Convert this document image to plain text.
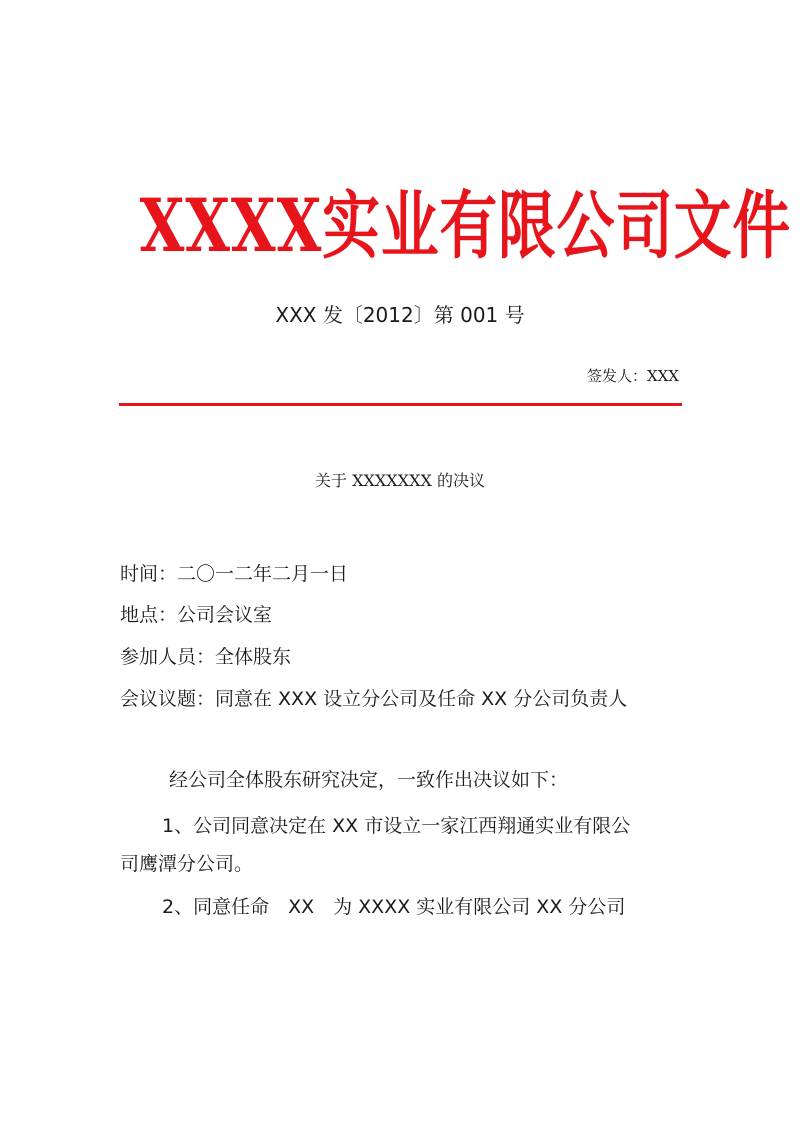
XXXX实业有限公司文件
XXX 发〔2012〕第 001 号
签发人：XXX
关于 XXXXXXX 的决议
时间：二〇一二年二月一日
地点：公司会议室
参加人员：全体股东
会议议题：同意在 XXX 设立分公司及任命 XX 分公司负责人
经公司全体股东研究决定，一致作出决议如下：
1、公司同意决定在 XX 市设立一家江西翔通实业有限公
司鹰潭分公司。
2、同意任命　XX　为 XXXX 实业有限公司 XX 分公司
